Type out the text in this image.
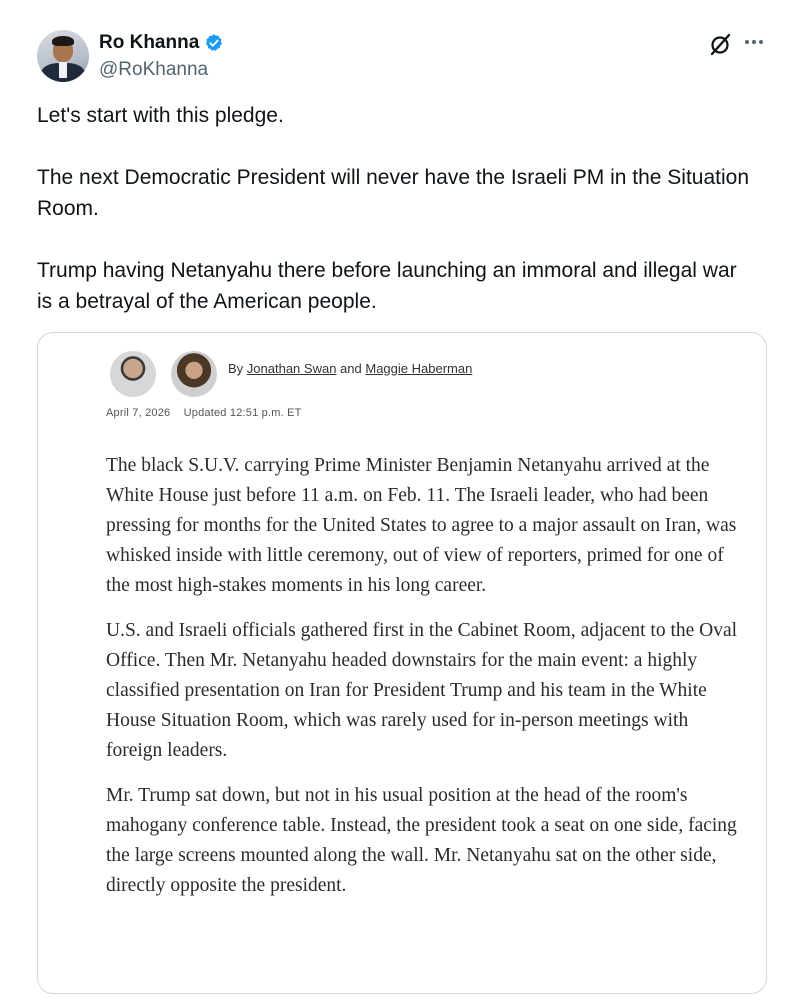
Ro Khanna
@RoKhanna

Let's start with this pledge.

The next Democratic President will never have the Israeli PM in the Situation Room.

Trump having Netanyahu there before launching an immoral and illegal war is a betrayal of the American people.

By Jonathan Swan and Maggie Haberman
April 7, 2026 Updated 12:51 p.m. ET

The black S.U.V. carrying Prime Minister Benjamin Netanyahu arrived at the White House just before 11 a.m. on Feb. 11. The Israeli leader, who had been pressing for months for the United States to agree to a major assault on Iran, was whisked inside with little ceremony, out of view of reporters, primed for one of the most high-stakes moments in his long career.

U.S. and Israeli officials gathered first in the Cabinet Room, adjacent to the Oval Office. Then Mr. Netanyahu headed downstairs for the main event: a highly classified presentation on Iran for President Trump and his team in the White House Situation Room, which was rarely used for in-person meetings with foreign leaders.

Mr. Trump sat down, but not in his usual position at the head of the room's mahogany conference table. Instead, the president took a seat on one side, facing the large screens mounted along the wall. Mr. Netanyahu sat on the other side, directly opposite the president.
